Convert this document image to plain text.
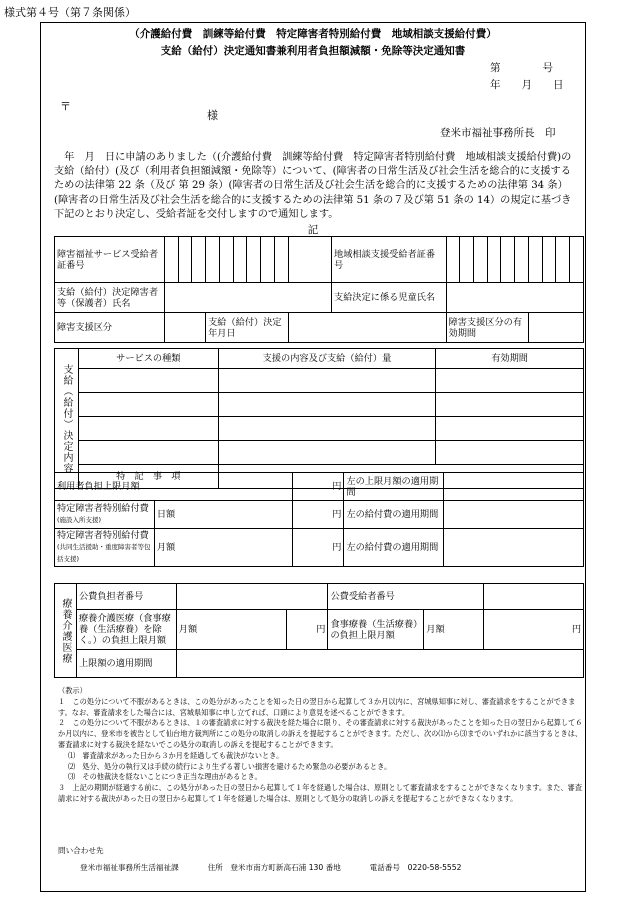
様式第４号（第７条関係）
（介護給付費　訓練等給付費　特定障害者特別給付費　地域相談支援給付費）
支給（給付）決定通知書兼利用者負担額減額・免除等決定通知書
第　　　　号
年　　月　　日
〒
様
登米市福祉事務所長　印
　年　月　日に申請のありました（(介護給付費　訓練等給付費　特定障害者特別給付費　地域相談支援給付費)の支給（給付）(及び（利用者負担額減額・免除等）について、(障害者の日常生活及び社会生活を総合的に支援するための法律第 22 条（及び 第 29 条）(障害者の日常生活及び社会生活を総合的に支援するための法律第 34 条）(障害者の日常生活及び社会生活を総合的に支援するための法律第 51 条の７及び第 51 条の 14）の規定に基づき下記のとおり決定し、受給者証を交付しますので通知します。
記
障害福祉サービス受給者証番号											地域相談支援受給者証番号										
支給（給付）決定障害者等（保護者）氏名											支給決定に係る児童氏名										
障害支援区分				支給（給付）決定年月日								障害支援区分の有効期間									
支給（給付）決定内容	サービスの種類	支援の内容及び支給（給付）量	有効期間

	特　記　事　項		
利用者負担上限月額		円	左の上限月額の適用期間	
特定障害者特別給付費
(施設入所支援)	日額	円	左の給付費の適用期間	
特定障害者特別給付費
(共同生活援助・重度障害者等包括支援)	月額	円	左の給付費の適用期間	
療養介護医療	公費負担者番号			公費受給者番号		
	療養介護医療（食事療養（生活療養）を除く。）の負担上限月額	月額	円	食事療養（生活療養）の負担上限月額	月額	円
	上限額の適用期間					

（教示）

１　この処分について不服があるときは、この処分があったことを知った日の翌日から起算して３か月以内に、宮城県知事に対し、審査請求をすることができます。なお、審査請求をした場合には、宮城県知事に申し立てれば、口頭により意見を述べることができます。

２　この処分について不服があるときは、１の審査請求に対する裁決を経た場合に限り、その審査請求に対する裁決があったことを知った日の翌日から起算して６か月以内に、登米市を被告として仙台地方裁判所にこの処分の取消しの訴えを提起することができます。ただし、次の⑴から⑶までのいずれかに該当するときは、審査請求に対する裁決を経ないでこの処分の取消しの訴えを提起することができます。

⑴　審査請求があった日から３か月を経過しても裁決がないとき。

⑵　処分、処分の執行又は手続の続行により生ずる著しい損害を避けるため緊急の必要があるとき。

⑶　その他裁決を経ないことにつき正当な理由があるとき。

３　上記の期間が経過する前に、この処分があった日の翌日から起算して１年を経過した場合は、原則として審査請求をすることができなくなります。また、審査請求に対する裁決があった日の翌日から起算して１年を経過した場合は、原則として処分の取消しの訴えを提起することができなくなります。

問い合わせ先
登米市福祉事務所生活福祉課	住所　登米市南方町新高石浦 130 番地	電話番号　0220-58-5552
